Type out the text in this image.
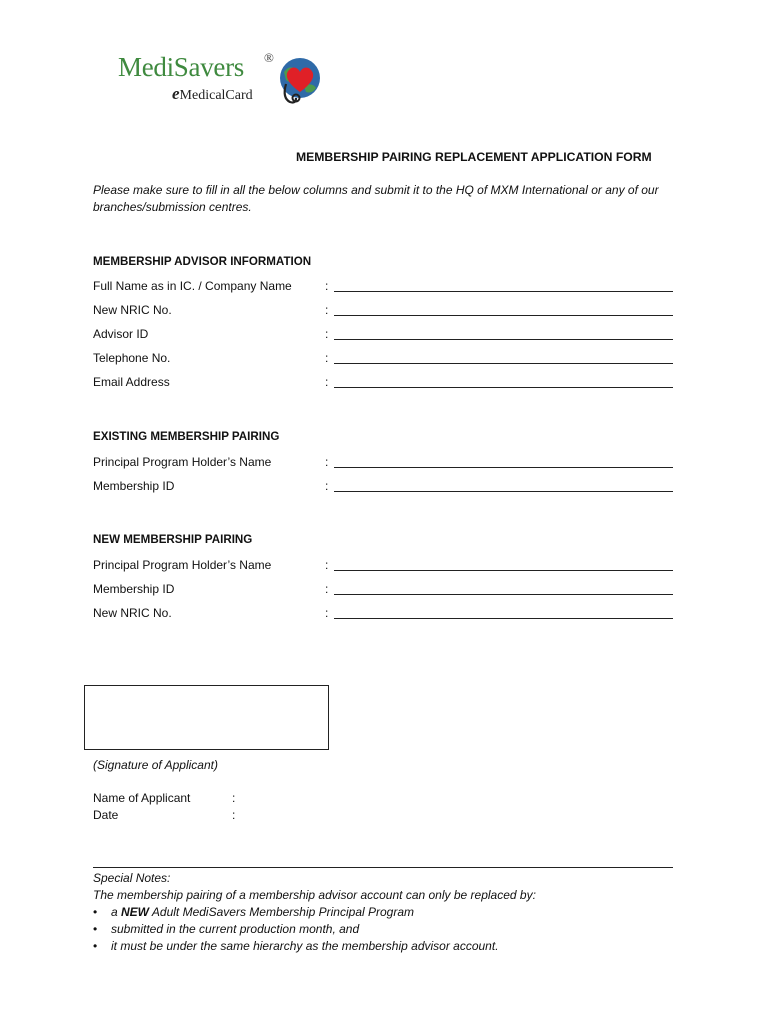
MediSavers ®
eMedicalCard
MEMBERSHIP PAIRING REPLACEMENT APPLICATION FORM
Please make sure to fill in all the below columns and submit it to the HQ of MXM International or any of our branches/submission centres.
MEMBERSHIP ADVISOR INFORMATION
Full Name as in IC. / Company Name	:
New NRIC No.	:
Advisor ID	:
Telephone No.	:
Email Address	:
EXISTING MEMBERSHIP PAIRING
Principal Program Holder’s Name	:
Membership ID	:
NEW MEMBERSHIP PAIRING
Principal Program Holder’s Name	:
Membership ID	:
New NRIC No.	:
(Signature of Applicant)
Name of Applicant	:
Date	:
Special Notes:
The membership pairing of a membership advisor account can only be replaced by:
• a NEW Adult MediSavers Membership Principal Program
• submitted in the current production month, and
• it must be under the same hierarchy as the membership advisor account.
